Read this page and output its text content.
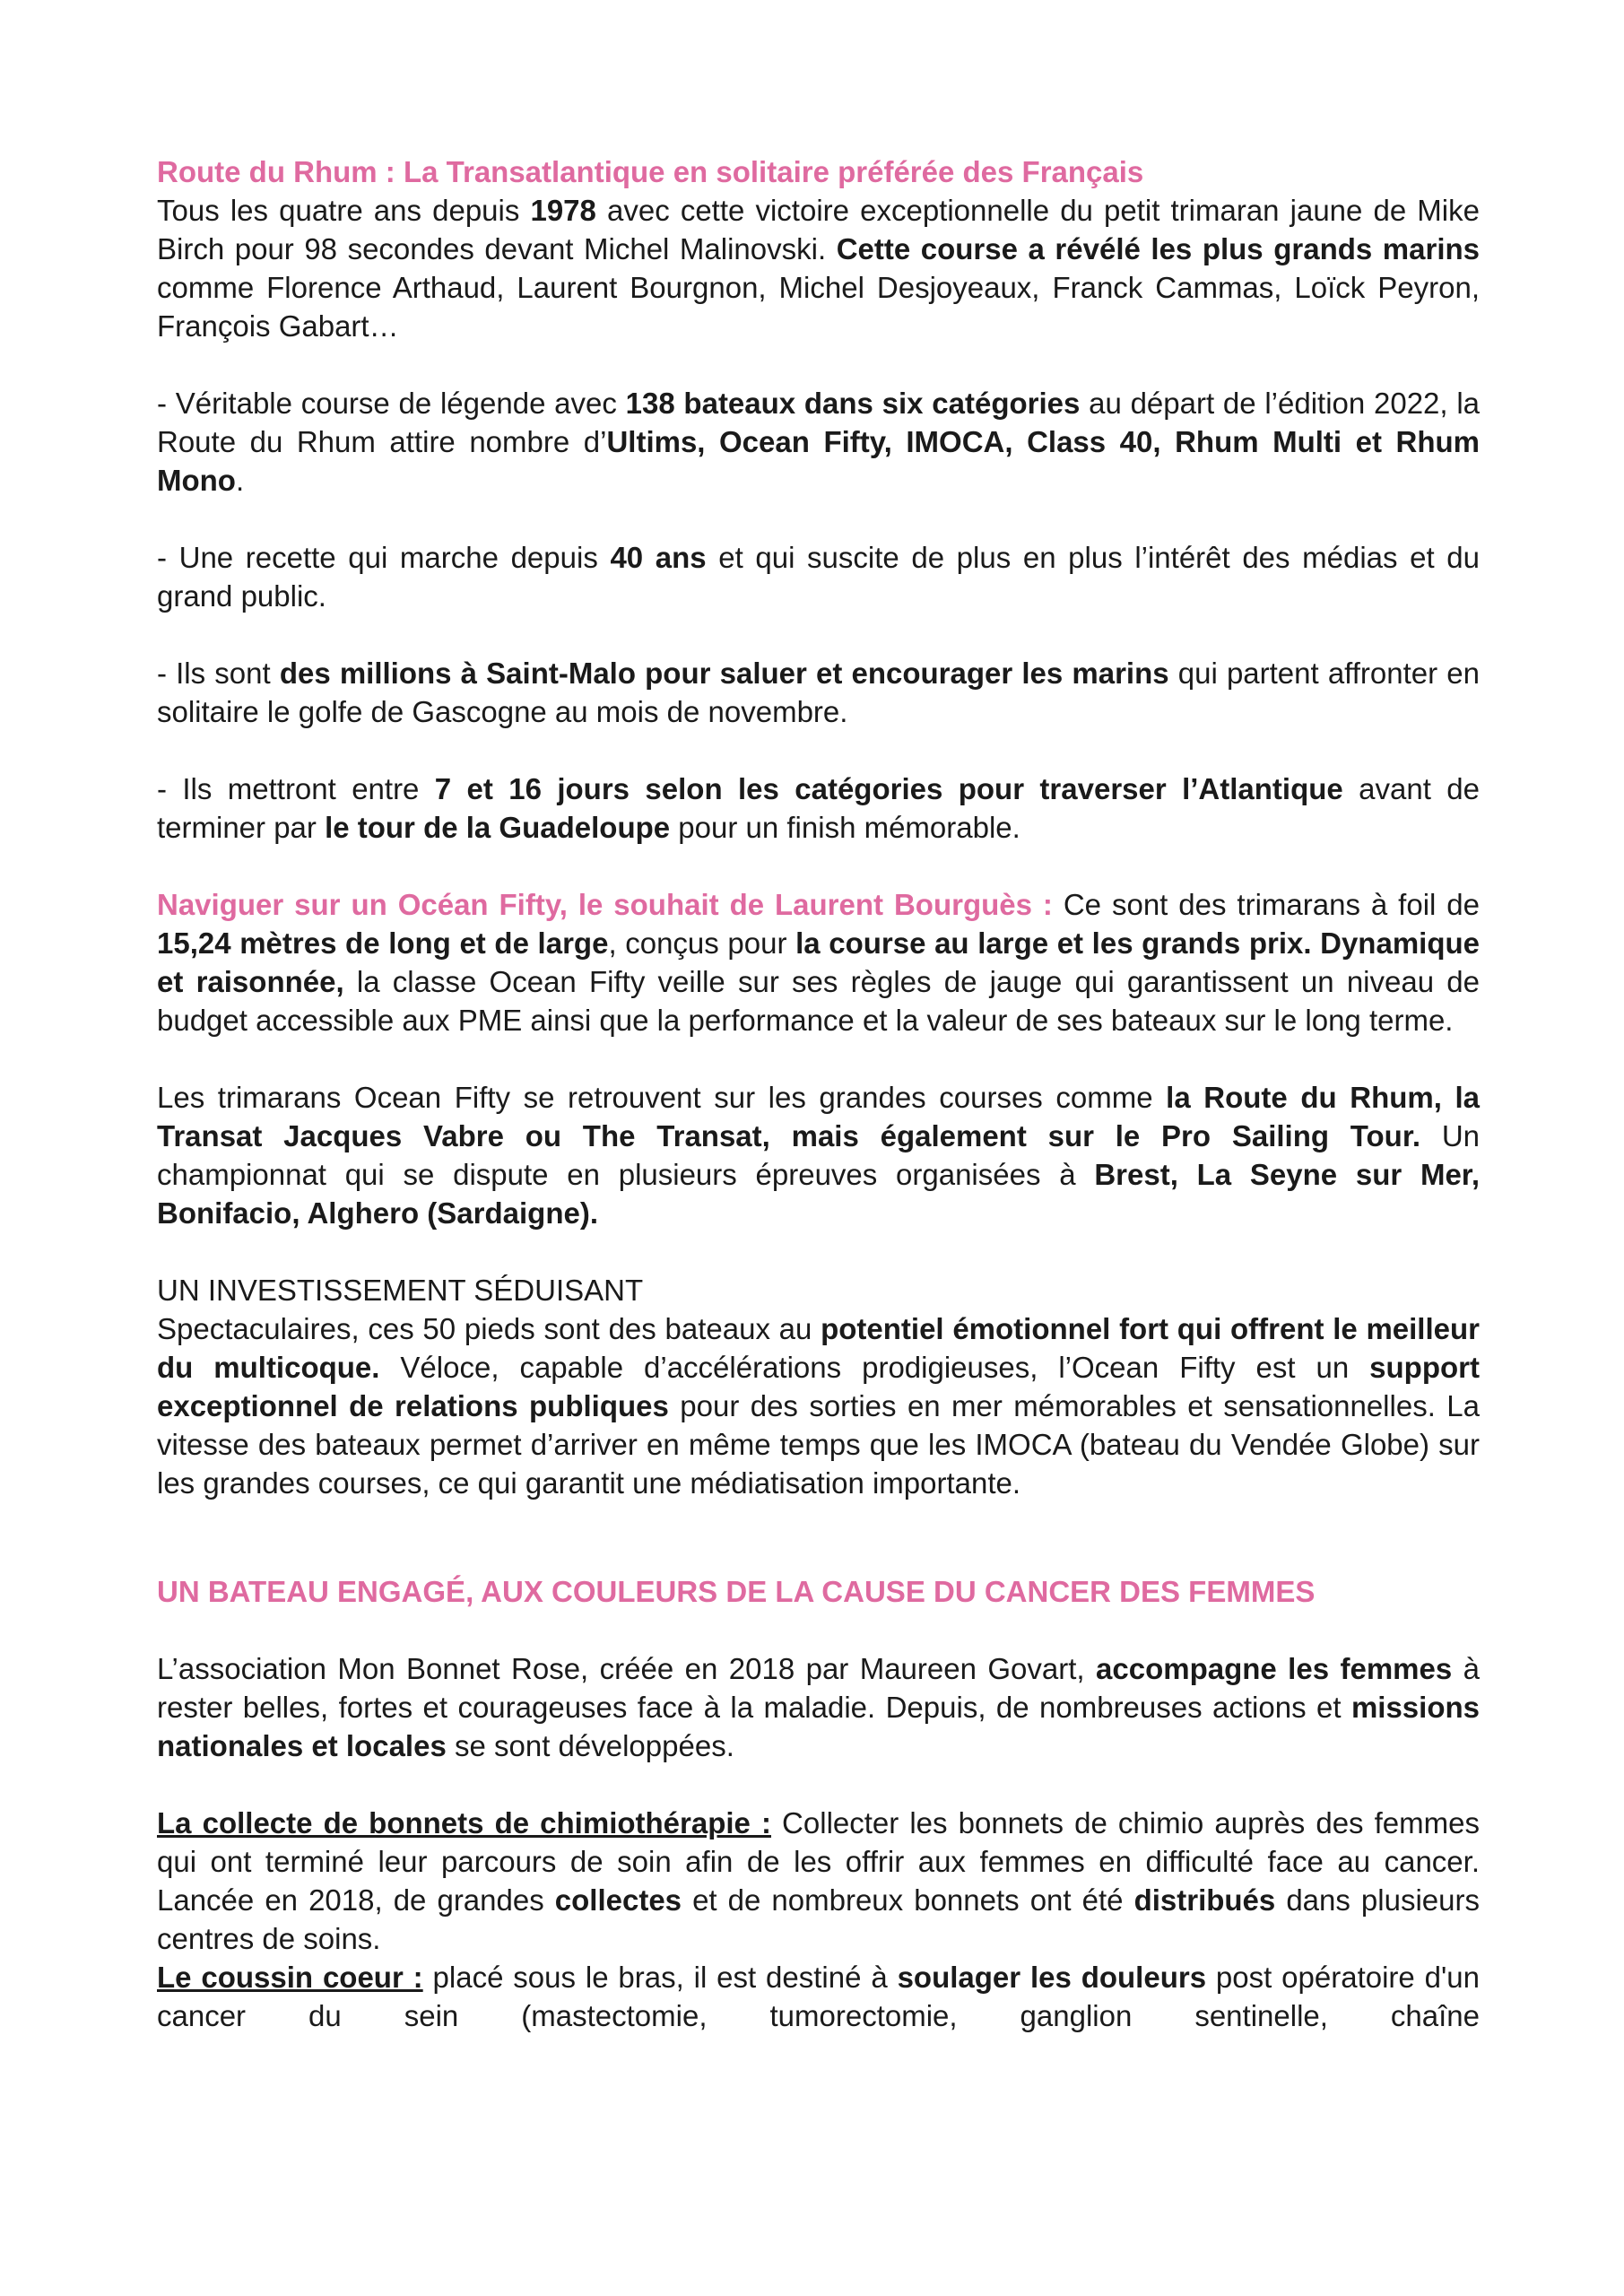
Route du Rhum : La Transatlantique en solitaire préférée des Français
Tous les quatre ans depuis 1978 avec cette victoire exceptionnelle du petit trimaran jaune de Mike Birch pour 98 secondes devant Michel Malinovski. Cette course a révélé les plus grands marins comme Florence Arthaud, Laurent Bourgnon, Michel Desjoyeaux, Franck Cammas, Loïck Peyron, François Gabart…

- Véritable course de légende avec 138 bateaux dans six catégories au départ de l’édition 2022, la Route du Rhum attire nombre d’Ultims, Ocean Fifty, IMOCA, Class 40, Rhum Multi et Rhum Mono.

- Une recette qui marche depuis 40 ans et qui suscite de plus en plus l’intérêt des médias et du grand public.

- Ils sont des millions à Saint-Malo pour saluer et encourager les marins qui partent affronter en solitaire le golfe de Gascogne au mois de novembre.

- Ils mettront entre 7 et 16 jours selon les catégories pour traverser l’Atlantique avant de terminer par le tour de la Guadeloupe pour un finish mémorable.

Naviguer sur un Océan Fifty, le souhait de Laurent Bourguès : Ce sont des trimarans à foil de 15,24 mètres de long et de large, conçus pour la course au large et les grands prix. Dynamique et raisonnée, la classe Ocean Fifty veille sur ses règles de jauge qui garantissent un niveau de budget accessible aux PME ainsi que la performance et la valeur de ses bateaux sur le long terme.

Les trimarans Ocean Fifty se retrouvent sur les grandes courses comme la Route du Rhum, la Transat Jacques Vabre ou The Transat, mais également sur le Pro Sailing Tour. Un championnat qui se dispute en plusieurs épreuves organisées à Brest, La Seyne sur Mer, Bonifacio, Alghero (Sardaigne).

UN INVESTISSEMENT SÉDUISANT
Spectaculaires, ces 50 pieds sont des bateaux au potentiel émotionnel fort qui offrent le meilleur du multicoque. Véloce, capable d’accélérations prodigieuses, l’Ocean Fifty est un support exceptionnel de relations publiques pour des sorties en mer mémorables et sensationnelles. La vitesse des bateaux permet d’arriver en même temps que les IMOCA (bateau du Vendée Globe) sur les grandes courses, ce qui garantit une médiatisation importante.

UN BATEAU ENGAGÉ, AUX COULEURS DE LA CAUSE DU CANCER DES FEMMES

L’association Mon Bonnet Rose, créée en 2018 par Maureen Govart, accompagne les femmes à rester belles, fortes et courageuses face à la maladie. Depuis, de nombreuses actions et missions nationales et locales se sont développées.

La collecte de bonnets de chimiothérapie : Collecter les bonnets de chimio auprès des femmes qui ont terminé leur parcours de soin afin de les offrir aux femmes en difficulté face au cancer. Lancée en 2018, de grandes collectes et de nombreux bonnets ont été distribués dans plusieurs centres de soins.

Le coussin coeur : placé sous le bras, il est destiné à soulager les douleurs post opératoire d'un cancer du sein (mastectomie, tumorectomie, ganglion sentinelle, chaîne
